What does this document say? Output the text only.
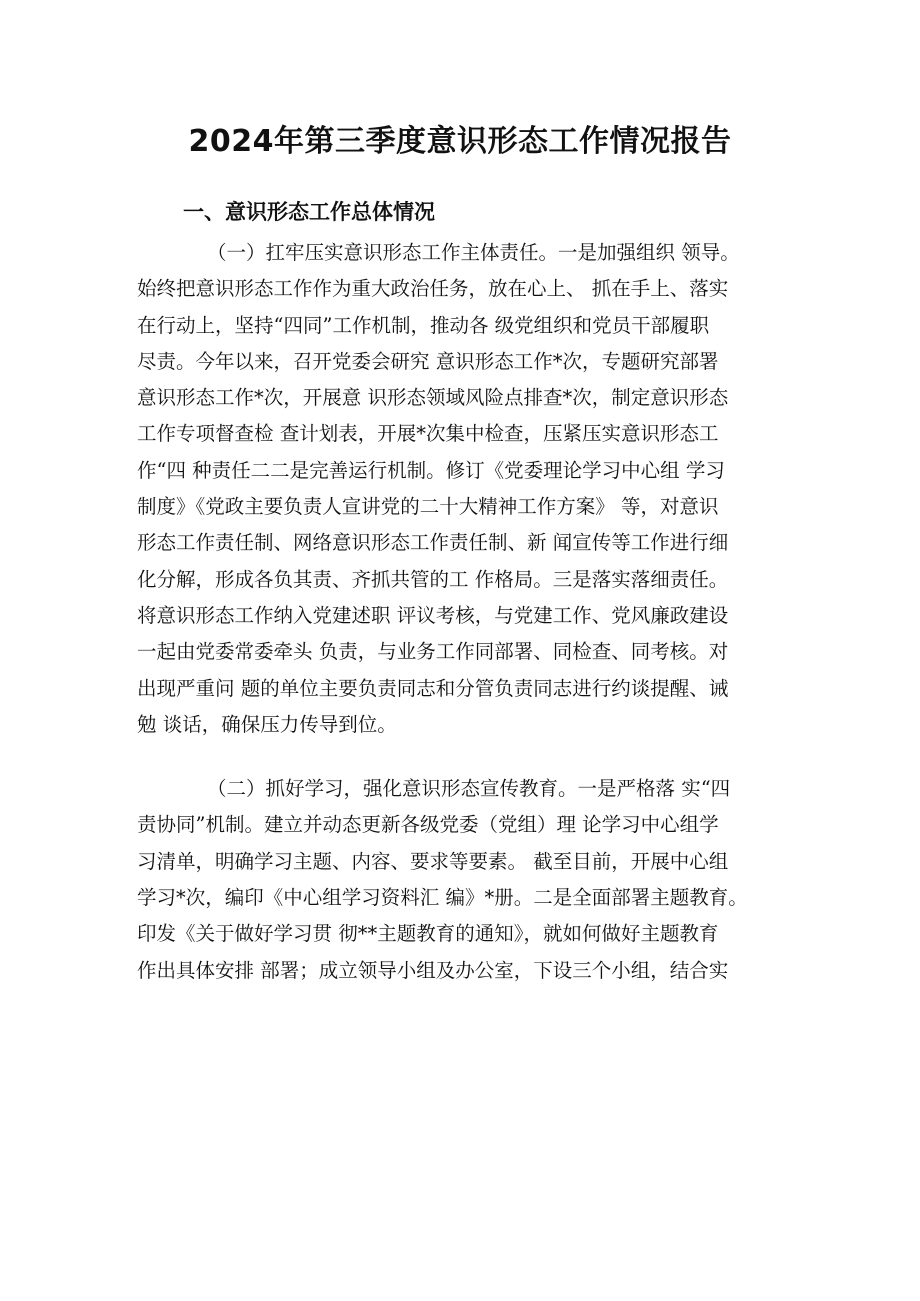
2024年第三季度意识形态工作情况报告
一、意识形态工作总体情况
（一）扛牢压实意识形态工作主体责任。一是加强组织 领导。
始终把意识形态工作作为重大政治任务，放在心上、 抓在手上、落实
在行动上，坚持“四同”工作机制，推动各 级党组织和党员干部履职
尽责。今年以来，召开党委会研究 意识形态工作*次，专题研究部署
意识形态工作*次，开展意 识形态领域风险点排查*次，制定意识形态
工作专项督查检 查计划表，开展*次集中检查，压紧压实意识形态工
作“四 种责任二二是完善运行机制。修订《党委理论学习中心组 学习
制度》《党政主要负责人宣讲党的二十大精神工作方案》 等，对意识
形态工作责任制、网络意识形态工作责任制、新 闻宣传等工作进行细
化分解，形成各负其责、齐抓共管的工 作格局。三是落实落细责任。
将意识形态工作纳入党建述职 评议考核，与党建工作、党风廉政建设
一起由党委常委牵头 负责，与业务工作同部署、同检查、同考核。对
出现严重问 题的单位主要负责同志和分管负责同志进行约谈提醒、诫
勉 谈话，确保压力传导到位。
（二）抓好学习，强化意识形态宣传教育。一是严格落 实“四
责协同”机制。建立并动态更新各级党委（党组）理 论学习中心组学
习清单，明确学习主题、内容、要求等要素。 截至目前，开展中心组
学习*次，编印《中心组学习资料汇 编》*册。二是全面部署主题教育。
印发《关于做好学习贯 彻**主题教育的通知》，就如何做好主题教育
作出具体安排 部署；成立领导小组及办公室，下设三个小组，结合实
